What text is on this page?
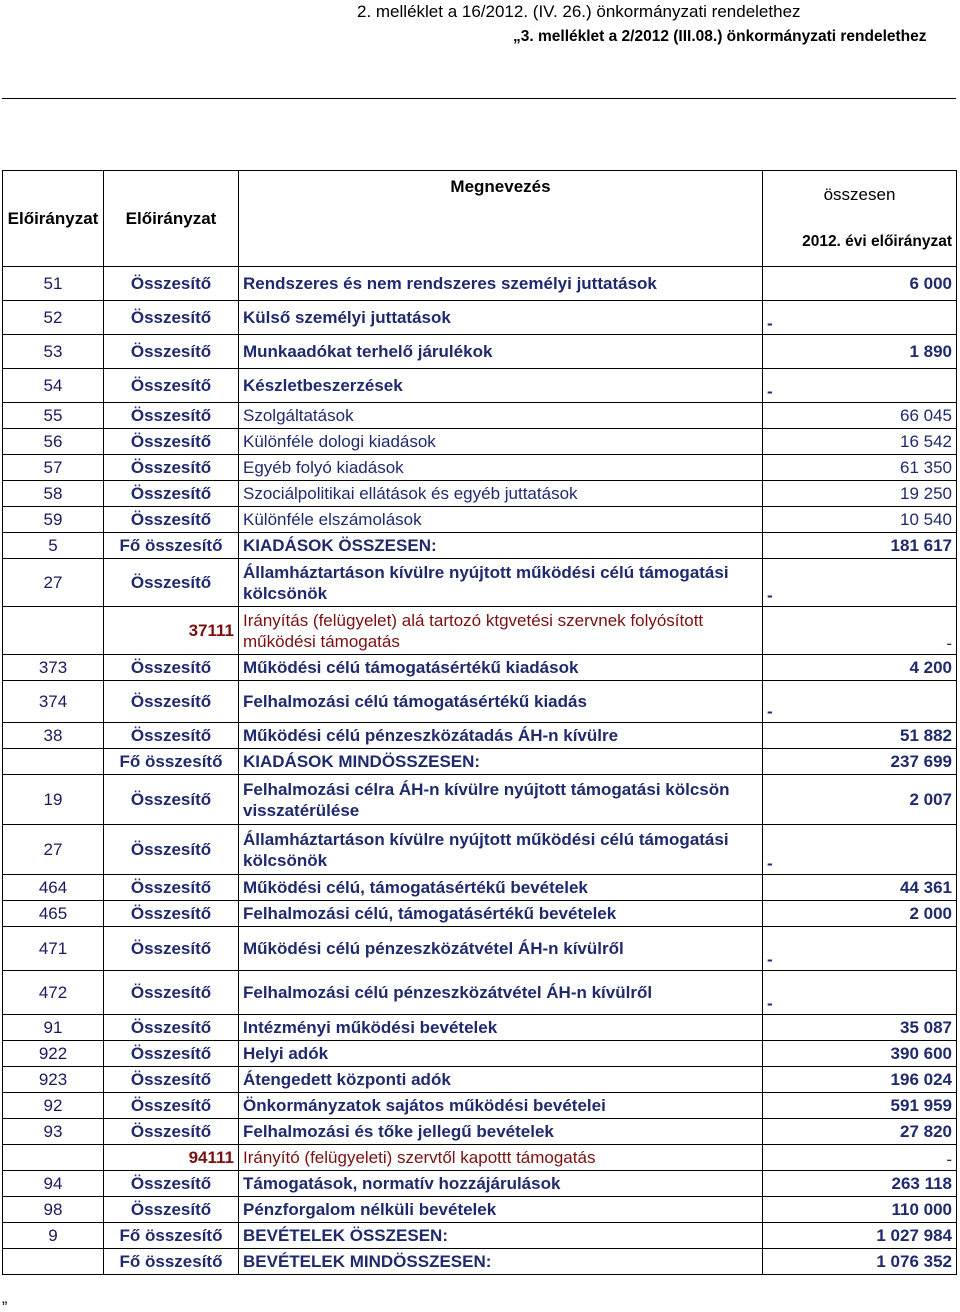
2. melléklet a 16/2012. (IV. 26.) önkormányzati rendelethez
„3. melléklet a 2/2012 (III.08.) önkormányzati rendelethez
Előirányzat	Előirányzat	Megnevezés	összesen
			2012. évi előirányzat
51	Összesítő	Rendszeres és nem rendszeres személyi juttatások	6 000
52	Összesítő	Külső személyi juttatások	-
53	Összesítő	Munkaadókat terhelő járulékok	1 890
54	Összesítő	Készletbeszerzések	-
55	Összesítő	Szolgáltatások	66 045
56	Összesítő	Különféle dologi kiadások	16 542
57	Összesítő	Egyéb folyó kiadások	61 350
58	Összesítő	Szociálpolitikai ellátások és egyéb juttatások	19 250
59	Összesítő	Különféle elszámolások	10 540
5	Fő összesítő	KIADÁSOK ÖSSZESEN:	181 617
27	Összesítő	Államháztartáson kívülre nyújtott működési célú támogatási kölcsönök	-
	37111	Irányítás (felügyelet) alá tartozó ktgvetési szervnek folyósított működési támogatás	-
373	Összesítő	Működési célú támogatásértékű kiadások	4 200
374	Összesítő	Felhalmozási célú támogatásértékű kiadás	-
38	Összesítő	Működési célú pénzeszközátadás ÁH-n kívülre	51 882
	Fő összesítő	KIADÁSOK MINDÖSSZESEN:	237 699
19	Összesítő	Felhalmozási célra ÁH-n kívülre nyújtott támogatási kölcsön visszatérülése	2 007
27	Összesítő	Államháztartáson kívülre nyújtott működési célú támogatási kölcsönök	-
464	Összesítő	Működési célú, támogatásértékű bevételek	44 361
465	Összesítő	Felhalmozási célú, támogatásértékű bevételek	2 000
471	Összesítő	Működési célú pénzeszközátvétel ÁH-n kívülről	-
472	Összesítő	Felhalmozási célú pénzeszközátvétel ÁH-n kívülről	-
91	Összesítő	Intézményi működési bevételek	35 087
922	Összesítő	Helyi adók	390 600
923	Összesítő	Átengedett központi adók	196 024
92	Összesítő	Önkormányzatok sajátos működési bevételei	591 959
93	Összesítő	Felhalmozási és tőke jellegű bevételek	27 820
	94111	Irányító (felügyeleti) szervtől kapottt támogatás	-
94	Összesítő	Támogatások, normatív hozzájárulások	263 118
98	Összesítő	Pénzforgalom nélküli bevételek	110 000
9	Fő összesítő	BEVÉTELEK ÖSSZESEN:	1 027 984
	Fő összesítő	BEVÉTELEK MINDÖSSZESEN:	1 076 352
„
